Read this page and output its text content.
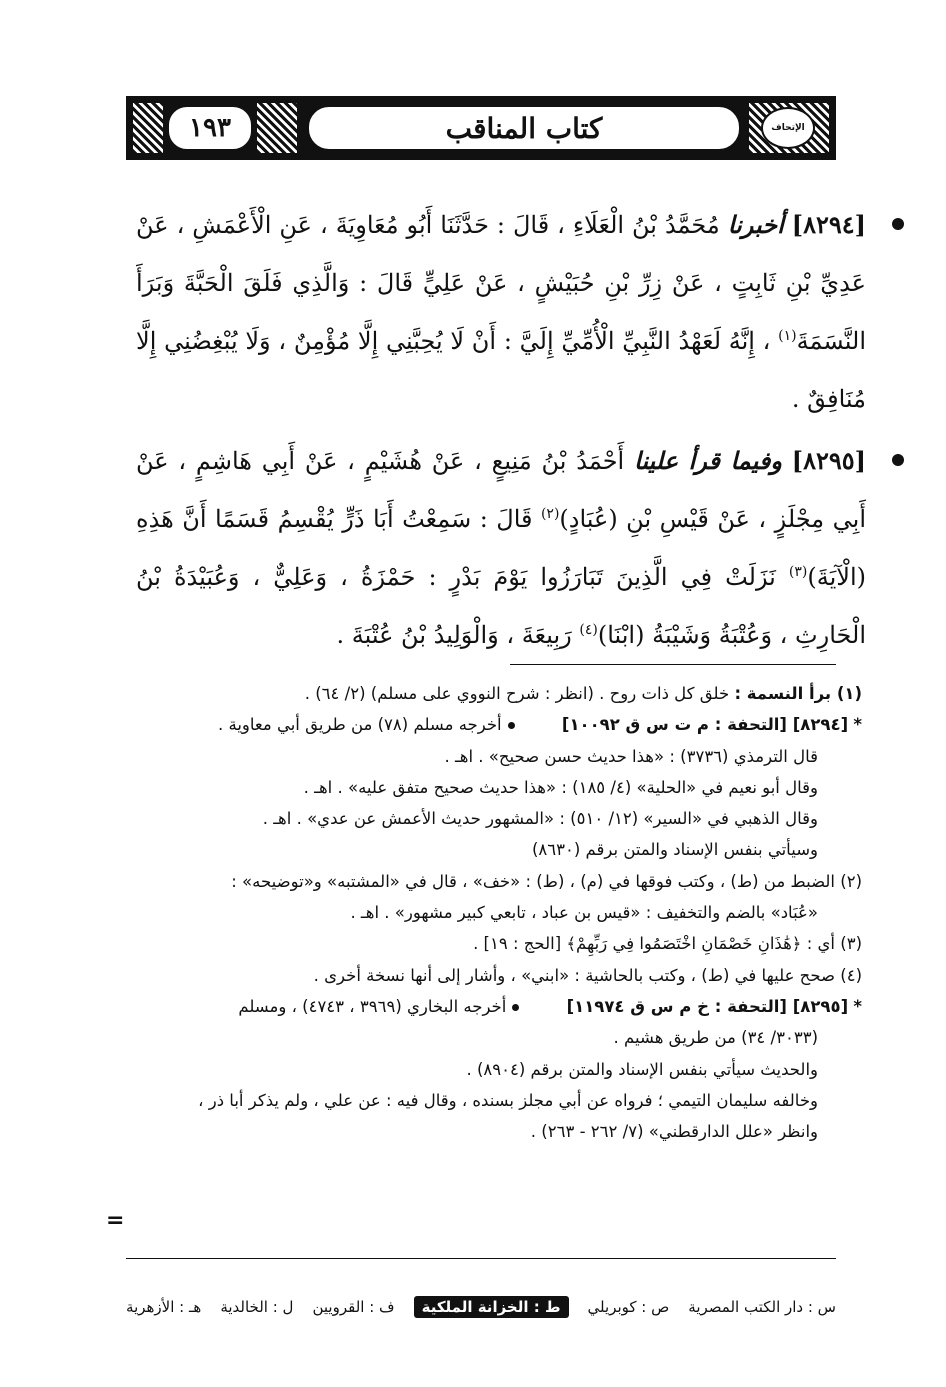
الإتحاف
كتاب المناقب
١٩٣
[٨٢٩٤] أخبرنا مُحَمَّدُ بْنُ الْعَلَاءِ ، قَالَ : حَدَّثَنَا أَبُو مُعَاوِيَةَ ، عَنِ الْأَعْمَشِ ، عَنْ عَدِيِّ بْنِ ثَابِتٍ ، عَنْ زِرِّ بْنِ حُبَيْشٍ ، عَنْ عَلِيٍّ قَالَ : وَالَّذِي فَلَقَ الْحَبَّةَ وَبَرَأَ النَّسَمَةَ$^{(١)}$ ، إِنَّهُ لَعَهْدُ النَّبِيِّ الْأُمِّيِّ إِلَيَّ : أَنْ لَا يُحِبَّنِي إِلَّا مُؤْمِنٌ ، وَلَا يُبْغِضُنِي إِلَّا مُنَافِقٌ .
[٨٢٩٥] وفيما قرأ علينا أَحْمَدُ بْنُ مَنِيعٍ ، عَنْ هُشَيْمٍ ، عَنْ أَبِي هَاشِمٍ ، عَنْ أَبِي مِجْلَزٍ ، عَنْ قَيْسِ بْنِ (عُبَادٍ)$^{(٢)}$ قَالَ : سَمِعْتُ أَبَا ذَرٍّ يُقْسِمُ قَسَمًا أَنَّ هَذِهِ (الْآيَةَ)$^{(٣)}$ نَزَلَتْ فِي الَّذِينَ تَبَارَزُوا يَوْمَ بَدْرٍ : حَمْزَةُ ، وَعَلِيٌّ ، وَعُبَيْدَةُ بْنُ الْحَارِثِ ، وَعُتْبَةُ وَشَيْبَةُ (ابْنَا)$^{(٤)}$ رَبِيعَةَ ، وَالْوَلِيدُ بْنُ عُتْبَةَ .

(١) برأ النسمة : خلق كل ذات روح . (انظر : شرح النووي على مسلم) (٢/ ٦٤) .

* [٨٢٩٤] [التحفة : م ت س ق ١٠٠٩٢] أخرجه مسلم (٧٨) من طريق أبي معاوية .

قال الترمذي (٣٧٣٦) : «هذا حديث حسن صحيح» . اهـ .

وقال أبو نعيم في «الحلية» (٤/ ١٨٥) : «هذا حديث صحيح متفق عليه» . اهـ .

وقال الذهبي في «السير» (١٢/ ٥١٠) : «المشهور حديث الأعمش عن عدي» . اهـ .

وسيأتي بنفس الإسناد والمتن برقم (٨٦٣٠)

(٢) الضبط من (ط) ، وكتب فوقها في (م) ، (ط) : «خف» ، قال في «المشتبه» و«توضيحه» :

«عُبَاد» بالضم والتخفيف : «قيس بن عباد ، تابعي كبير مشهور» . اهـ .

(٣) أي : ﴿هَٰذَانِ خَصْمَانِ اخْتَصَمُوا فِي رَبِّهِمْ﴾ [الحج : ١٩] .

(٤) صحح عليها في (ط) ، وكتب بالحاشية : «ابني» ، وأشار إلى أنها نسخة أخرى .

* [٨٢٩٥] [التحفة : خ م س ق ١١٩٧٤] أخرجه البخاري (٣٩٦٩ ، ٤٧٤٣) ، ومسلم

(٣٠٣٣/ ٣٤) من طريق هشيم .

والحديث سيأتي بنفس الإسناد والمتن برقم (٨٩٠٤) .

وخالفه سليمان التيمي ؛ فرواه عن أبي مجلز بسنده ، وقال فيه : عن علي ، ولم يذكر أبا ذر ،

وانظر «علل الدارقطني» (٧/ ٢٦٢ - ٢٦٣) .

=
س : دار الكتب المصرية
ص : كوبريلي
ط : الخزانة الملكية
ف : القرويين
ل : الخالدية
هـ : الأزهرية
